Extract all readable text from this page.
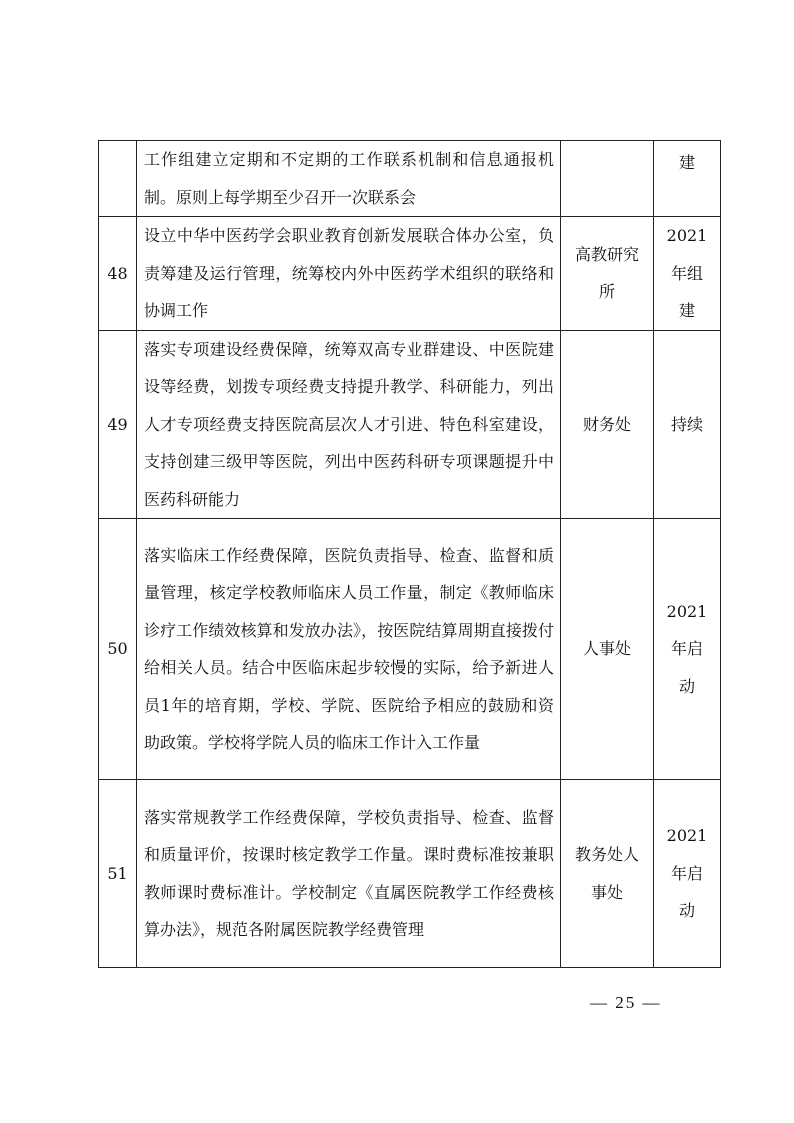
	工作组建立定期和不定期的工作联系机制和信息通报机制。原则上每学期至少召开一次联系会		建

48	设立中华中医药学会职业教育创新发展联合体办公室，负责筹建及运行管理，统筹校内外中医药学术组织的联络和协调工作	高教研究所	2021年组建

49	落实专项建设经费保障，统筹双高专业群建设、中医院建设等经费，划拨专项经费支持提升教学、科研能力，列出人才专项经费支持医院高层次人才引进、特色科室建设，支持创建三级甲等医院，列出中医药科研专项课题提升中医药科研能力	财务处	持续
50	落实临床工作经费保障，医院负责指导、检查、监督和质量管理，核定学校教师临床人员工作量，制定《教师临床诊疗工作绩效核算和发放办法》，按医院结算周期直接拨付给相关人员。结合中医临床起步较慢的实际，给予新进人员1年的培育期，学校、学院、医院给予相应的鼓励和资助政策。学校将学院人员的临床工作计入工作量	人事处	2021年启动

51	落实常规教学工作经费保障，学校负责指导、检查、监督和质量评价，按课时核定教学工作量。课时费标准按兼职教师课时费标准计。学校制定《直属医院教学工作经费核算办法》，规范各附属医院教学经费管理	教务处人事处	2021年启动
— 25 —
